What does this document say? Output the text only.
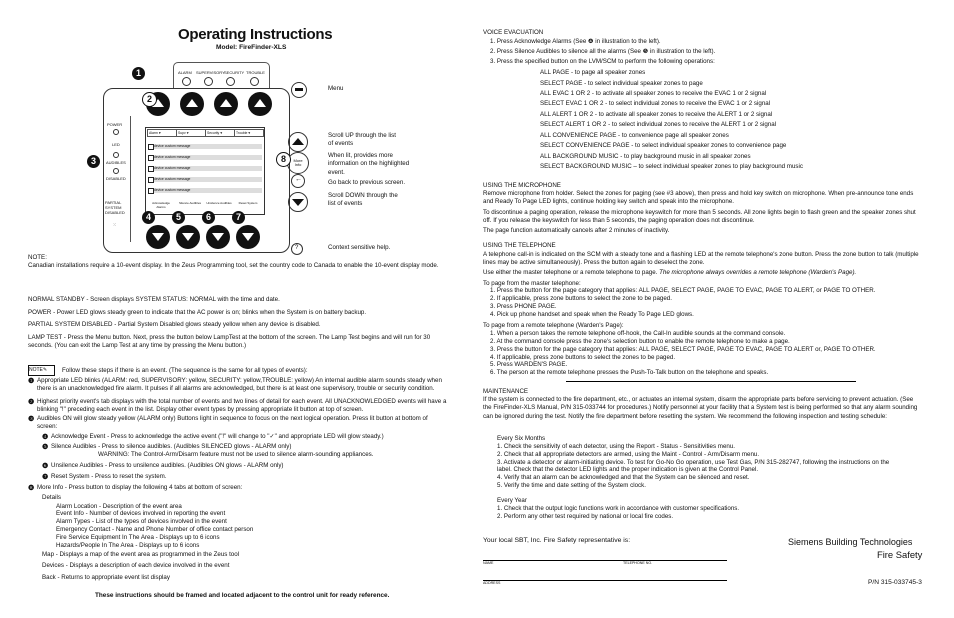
Operating Instructions
Model: FireFinder-XLS
ALARM SUPERVISORY SECURITY TROUBLE
1
POWER
LED
AUDIBLES
DISABLED
PARTIAL SYSTEM DISABLED
⁙
3
2
Alarm ♥	Supv ♥	Security ♥	Trouble ♥
device custom message
device custom message
device custom message
device custom message
device custom message
Acknowledge Alarms
Silence Audibles	Unsilence Audibles	Reset System
4	5	6	7
Menu
Scroll UP through the list of events
More Info
8	When lit, provides more information on the highlighted event.
←	Go back to previous screen.
Scroll DOWN through the list of events
?	Context sensitive help.
NOTE:
Canadian installations require a 10-event display. In the Zeus Programming tool, set the country code to Canada to enable the 10-event display mode.
NORMAL STANDBY - Screen displays SYSTEM STATUS: NORMAL with the time and date.
POWER - Power LED glows steady green to indicate that the AC power is on; blinks when the System is on battery backup.
PARTIAL SYSTEM DISABLED - Partial System Disabled glows steady yellow when any device is disabled.
LAMP TEST - Press the Menu button. Next, press the button below LampTest at the bottom of the screen. The Lamp Test begins and will run for 30 seconds. (You can exit the Lamp Test at any time by pressing the Menu button.)
NOTE✎	Follow these steps if there is an event. (The sequence is the same for all types of events):
❶ Appropriate LED blinks (ALARM: red, SUPERVISORY: yellow, SECURITY: yellow,TROUBLE: yellow) An internal audible alarm sounds steady when there is an unacknowledged fire alarm. It pulses if all alarms are acknowledged, but there is at least one supervisory, trouble or security condition.
❷ Highest priority event's tab displays with the total number of events and two lines of detail for each event. All UNACKNOWLEDGED events will have a blinking "!" preceding each event in the list. Display other event types by pressing appropriate lit button at top of screen.
❸ Audibles ON will glow steady yellow (ALARM only) Buttons light in sequence to focus on the next logical operation. Press lit button at bottom of screen:
❹ Acknowledge Event - Press to acknowledge the active event ("!" will change to "✓" and appropriate LED will glow steady.)
❺ Silence Audibles - Press to silence audibles. (Audibles SILENCED glows - ALARM only)
WARNING: The Control-Arm/Disarm feature must not be used to silence alarm-sounding appliances.
❻ Unsilence Audibles - Press to unsilence audibles. (Audibles ON glows - ALARM only)
❼ Reset System - Press to reset the system.
❽ More Info - Press button to display the following 4 tabs at bottom of screen:
Details
Alarm Location - Description of the event area
Event Info - Number of devices involved in reporting the event
Alarm Types - List of the types of devices involved in the event
Emergency Contact - Name and Phone Number of office contact person
Fire Service Equipment In The Area - Displays up to 6 icons
Hazards/People In The Area - Displays up to 6 icons
Map - Displays a map of the event area as programmed in the Zeus tool
Devices - Displays a description of each device involved in the event
Back - Returns to appropriate event list display
These instructions should be framed and located adjacent to the control unit for ready reference.
VOICE EVACUATION
1. Press Acknowledge Alarms (See ❹ in illustration to the left).
2. Press Silence Audibles to silence all the alarms (See ❺ in illustration to the left).
3. Press the specified button on the LVM/SCM to perform the following operations:
ALL PAGE - to page all speaker zones
SELECT PAGE - to select individual speaker zones to page
ALL EVAC 1 OR 2 - to activate all speaker zones to receive the EVAC 1 or 2 signal
SELECT EVAC 1 OR 2 - to select individual zones to receive the EVAC 1 or 2 signal
ALL ALERT 1 OR 2 - to activate all speaker zones to receive the ALERT 1 or 2 signal
SELECT ALERT 1 OR 2 - to select individual zones to receive the ALERT 1 or 2 signal
ALL CONVENIENCE PAGE - to convenience page all speaker zones
SELECT CONVENIENCE PAGE - to select individual speaker zones to convenience page
ALL BACKGROUND MUSIC - to play background music in all speaker zones
SELECT BACKGROUND MUSIC – to select individual speaker zones to play background music
USING THE MICROPHONE
Remove microphone from holder. Select the zones for paging (see #3 above), then press and hold key switch on microphone. When pre-announce tone ends and Ready To Page LED lights, continue holding key switch and speak into the microphone.
To discontinue a paging operation, release the microphone keyswitch for more than 5 seconds. All zone lights begin to flash green and the speaker zones shut off. If you release the keyswitch for less than 5 seconds, the paging operation does not discontinue.
The page function automatically cancels after 2 minutes of inactivity.
USING THE TELEPHONE
A telephone call-in is indicated on the SCM with a steady tone and a flashing LED at the remote telephone's zone button. Press the zone button to talk (multiple lines may be active simultaneously). Press the button again to deselect the zone.
Use either the master telephone or a remote telephone to page. The microphone always overrides a remote telephone (Warden's Page).
To page from the master telephone:
1. Press the button for the page category that applies: ALL PAGE, SELECT PAGE, PAGE TO EVAC, PAGE TO ALERT, or PAGE TO OTHER.
2. If applicable, press zone buttons to select the zone to be paged.
3. Press PHONE PAGE.
4. Pick up phone handset and speak when the Ready To Page LED glows.
To page from a remote telephone (Warden's Page):
1. When a person takes the remote telephone off-hook, the Call-In audible sounds at the command console.
2. At the command console press the zone's selection button to enable the remote telephone to make a page.
3. Press the button for the page category that applies: ALL PAGE, SELECT PAGE, PAGE TO EVAC, PAGE TO ALERT or, PAGE TO OTHER.
4. If applicable, press zone buttons to select the zones to be paged.
5. Press WARDEN'S PAGE.
6. The person at the remote telephone presses the Push-To-Talk button on the telephone and speaks.
MAINTENANCE
If the system is connected to the fire department, etc., or actuates an internal system, disarm the appropriate parts before servicing to prevent actuation. (See the FireFinder-XLS Manual, P/N 315-033744 for procedures.) Notify personnel at your facility that a System test is being performed so that any alarm sounding can be ignored during the test. Notify the fire department before resetting the system. We recommend the following inspection and testing schedule:
Every Six Months
1. Check the sensitivity of each detector, using the Report - Status - Sensitivities menu.
2. Check that all appropriate detectors are armed, using the Maint - Control - Arm/Disarm menu.
3. Activate a detector or alarm-initiating device. To test for Go-No Go operation, use Test Gas, P/N 315-282747, following the instructions on the
label. Check that the detector LED lights and the proper indication is given at the Control Panel.
4. Verify that an alarm can be acknowledged and that the System can be silenced and reset.
5. Verify the time and date setting of the System clock.
Every Year
1. Check that the output logic functions work in accordance with customer specifications.
2. Perform any other test required by national or local fire codes.
Your local SBT, Inc. Fire Safety representative is:
NAME	TELEPHONE NO.
ADDRESS
Siemens Building Technologies
Fire Safety
P/N 315-033745-3
